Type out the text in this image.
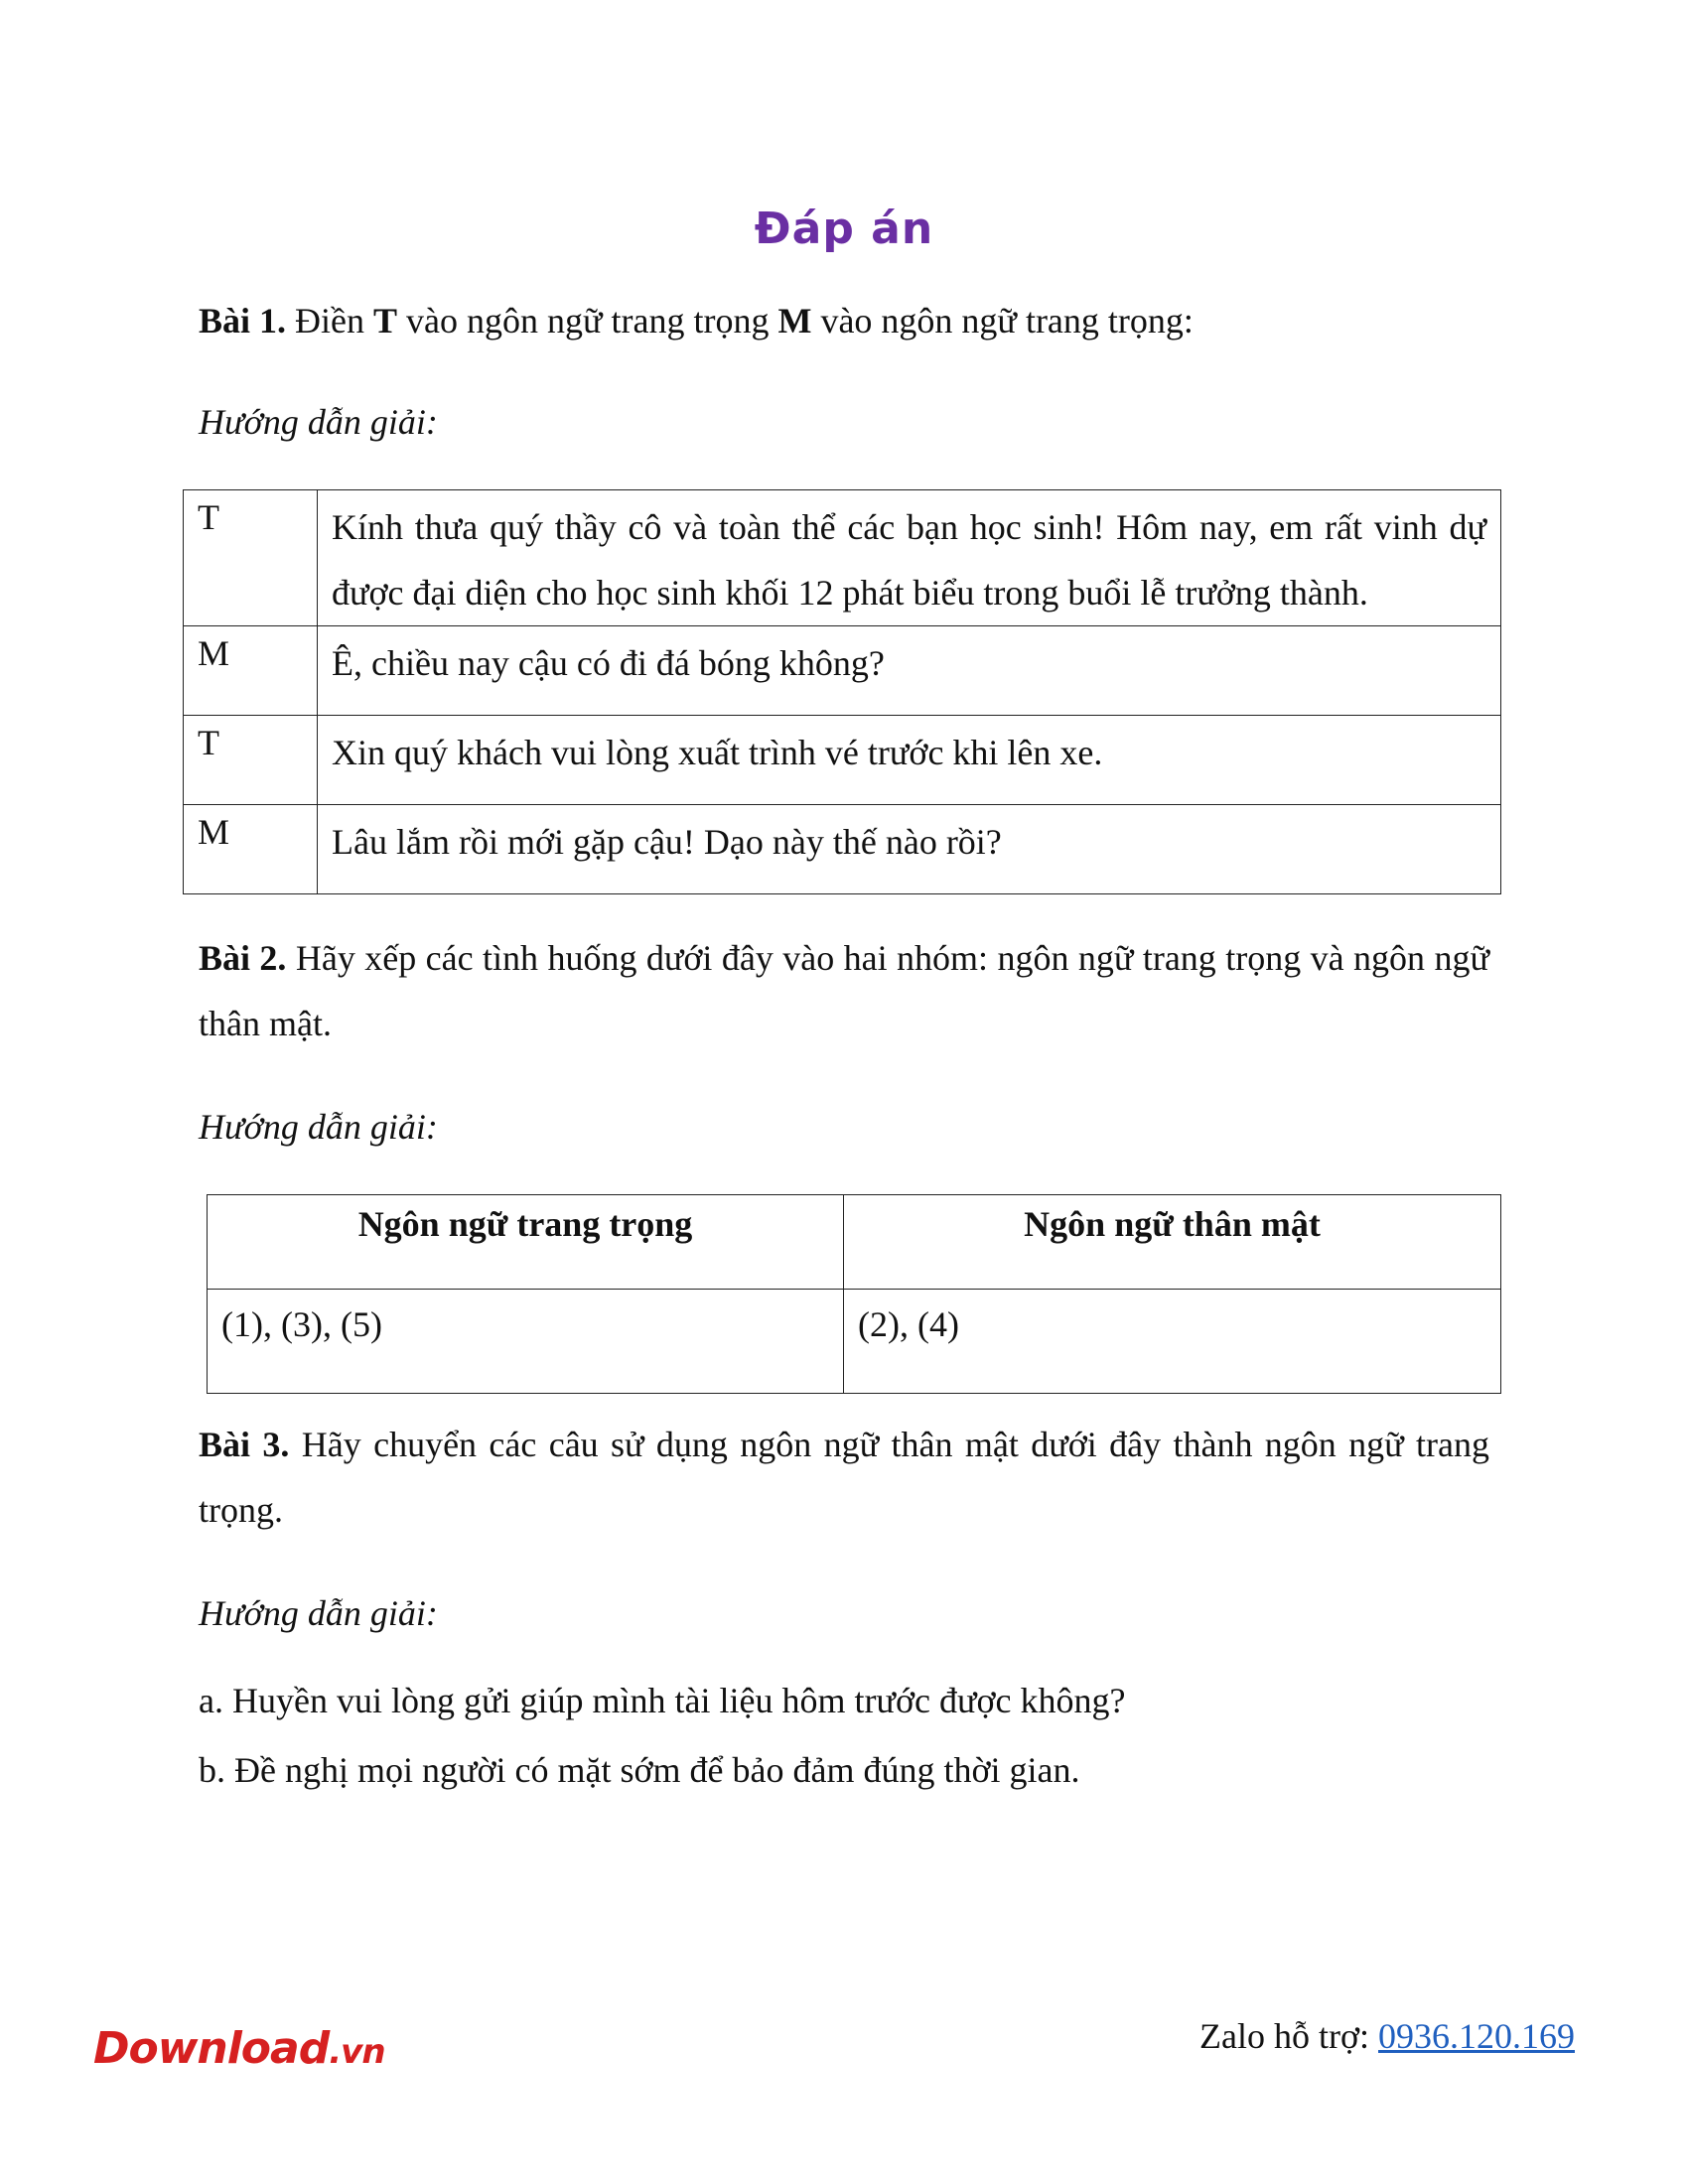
Đáp án
Bài 1. Điền T vào ngôn ngữ trang trọng M vào ngôn ngữ trang trọng:
Hướng dẫn giải:
T	Kính thưa quý thầy cô và toàn thể các bạn học sinh! Hôm nay, em rất vinh dự được đại diện cho học sinh khối 12 phát biểu trong buổi lễ trưởng thành.
M	Ê, chiều nay cậu có đi đá bóng không?
T	Xin quý khách vui lòng xuất trình vé trước khi lên xe.
M	Lâu lắm rồi mới gặp cậu! Dạo này thế nào rồi?
Bài 2. Hãy xếp các tình huống dưới đây vào hai nhóm: ngôn ngữ trang trọng và ngôn ngữ thân mật.
Hướng dẫn giải:
Ngôn ngữ trang trọng	Ngôn ngữ thân mật
(1), (3), (5)	(2), (4)
Bài 3. Hãy chuyển các câu sử dụng ngôn ngữ thân mật dưới đây thành ngôn ngữ trang trọng.
Hướng dẫn giải:
a. Huyền vui lòng gửi giúp mình tài liệu hôm trước được không?
b. Đề nghị mọi người có mặt sớm để bảo đảm đúng thời gian.
Download.vn	Zalo hỗ trợ: 0936.120.169
